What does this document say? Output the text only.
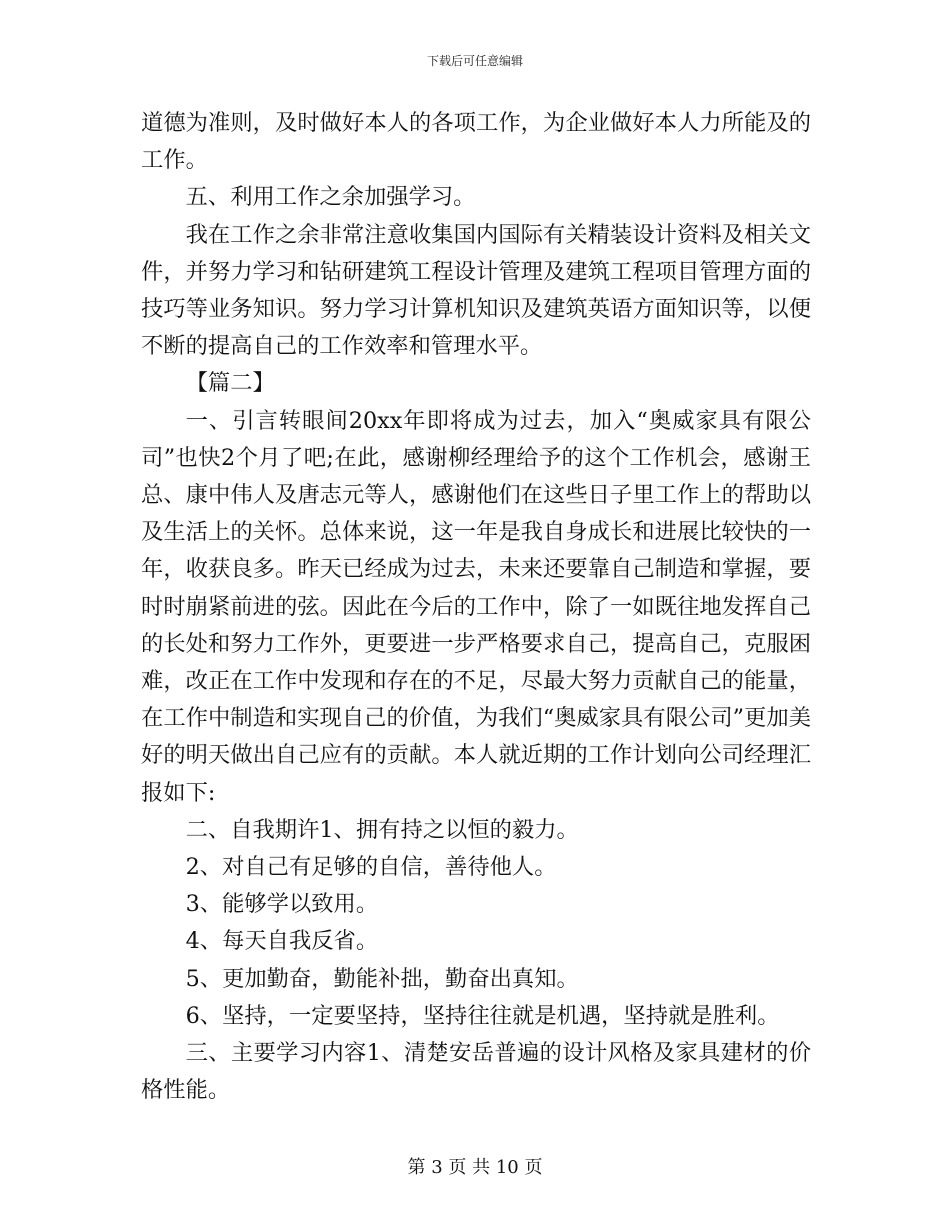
下载后可任意编辑

道德为准则，及时做好本人的各项工作，为企业做好本人力所能及的工作。

五、利用工作之余加强学习。

我在工作之余非常注意收集国内国际有关精装设计资料及相关文件，并努力学习和钻研建筑工程设计管理及建筑工程项目管理方面的技巧等业务知识。努力学习计算机知识及建筑英语方面知识等，以便不断的提高自己的工作效率和管理水平。

【篇二】

一、引言转眼间20xx年即将成为过去，加入“奥威家具有限公司”也快2个月了吧;在此，感谢柳经理给予的这个工作机会，感谢王总、康中伟人及唐志元等人，感谢他们在这些日子里工作上的帮助以及生活上的关怀。总体来说，这一年是我自身成长和进展比较快的一年，收获良多。昨天已经成为过去，未来还要靠自己制造和掌握，要时时崩紧前进的弦。因此在今后的工作中，除了一如既往地发挥自己的长处和努力工作外，更要进一步严格要求自己，提高自己，克服困难，改正在工作中发现和存在的不足，尽最大努力贡献自己的能量，在工作中制造和实现自己的价值，为我们“奥威家具有限公司”更加美好的明天做出自己应有的贡献。本人就近期的工作计划向公司经理汇报如下:

二、自我期许1、拥有持之以恒的毅力。

2、对自己有足够的自信，善待他人。

3、能够学以致用。

4、每天自我反省。

5、更加勤奋，勤能补拙，勤奋出真知。

6、坚持，一定要坚持，坚持往往就是机遇，坚持就是胜利。

三、主要学习内容1、清楚安岳普遍的设计风格及家具建材的价格性能。

第 3 页 共 10 页
